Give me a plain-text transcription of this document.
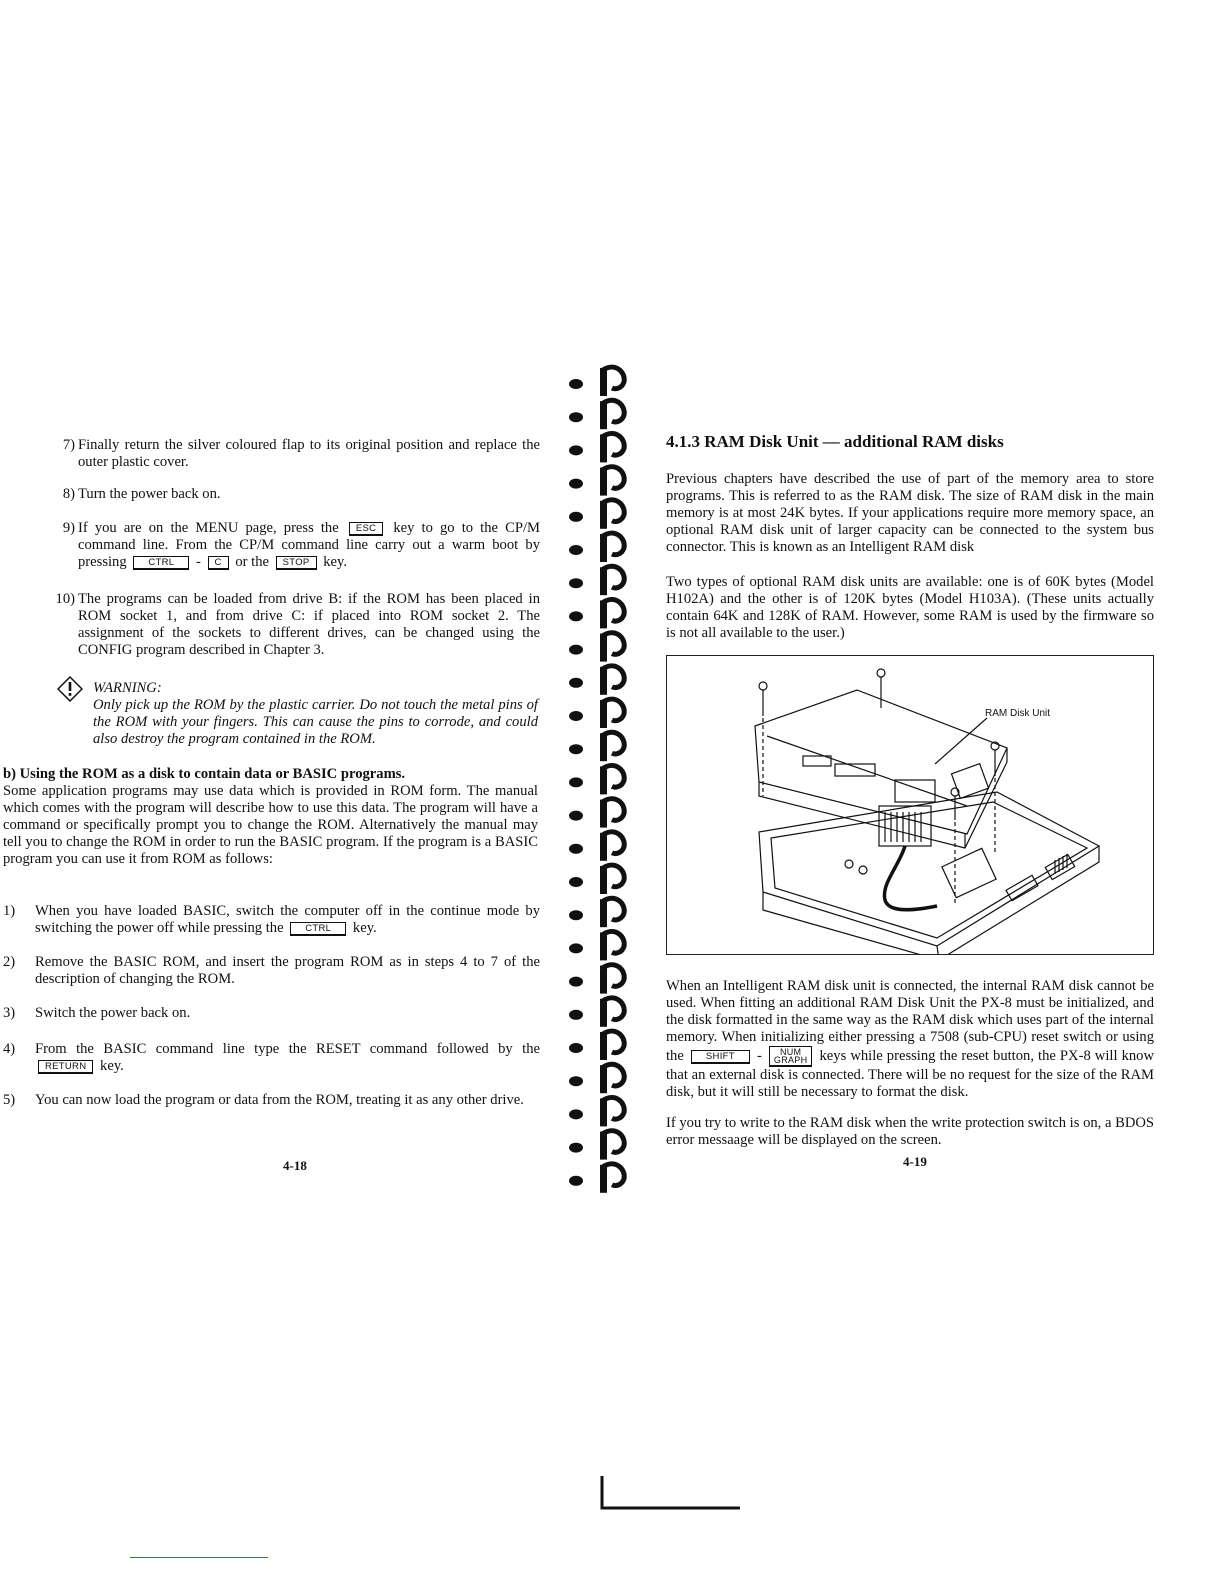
7) Finally return the silver coloured flap to its original position and replace the outer plastic cover.
8) Turn the power back on.
9) If you are on the MENU page, press the ESC key to go to the CP/M command line. From the CP/M command line carry out a warm boot by pressing CTRL - C or the STOP key.
10) The programs can be loaded from drive B: if the ROM has been placed in ROM socket 1, and from drive C: if placed into ROM socket 2. The assignment of the sockets to different drives, can be changed using the CONFIG program described in Chapter 3.
WARNING:
Only pick up the ROM by the plastic carrier. Do not touch the metal pins of the ROM with your fingers. This can cause the pins to corrode, and could also destroy the program contained in the ROM.
b) Using the ROM as a disk to contain data or BASIC programs.
Some application programs may use data which is provided in ROM form. The manual which comes with the program will describe how to use this data. The program will have a command or specifically prompt you to change the ROM. Alternatively the manual may tell you to change the ROM in order to run the BASIC program. If the program is a BASIC program you can use it from ROM as follows:
1)	When you have loaded BASIC, switch the computer off in the continue mode by switching the power off while pressing the CTRL key.
2)	Remove the BASIC ROM, and insert the program ROM as in steps 4 to 7 of the description of changing the ROM.
3)	Switch the power back on.
4)	From the BASIC command line type the RESET command followed by the RETURN key.
5)	You can now load the program or data from the ROM, treating it as any other drive.
4-18
4.1.3 RAM Disk Unit — additional RAM disks
Previous chapters have described the use of part of the memory area to store programs. This is referred to as the RAM disk. The size of RAM disk in the main memory is at most 24K bytes. If your applications require more memory space, an optional RAM disk unit of larger capacity can be connected to the system bus connector. This is known as an Intelligent RAM disk
Two types of optional RAM disk units are available: one is of 60K bytes (Model H102A) and the other is of 120K bytes (Model H103A). (These units actually contain 64K and 128K of RAM. However, some RAM is used by the firmware so is not all available to the user.)
When an Intelligent RAM disk unit is connected, the internal RAM disk cannot be used. When fitting an additional RAM Disk Unit the PX-8 must be initialized, and the disk formatted in the same way as the RAM disk which uses part of the internal memory. When initializing either pressing a 7508 (sub-CPU) reset switch or using the SHIFT -	NUM
GRAPH keys while pressing the reset button, the PX-8 will know that an external disk is connected. There will be no request for the size of the RAM disk, but it will still be necessary to format the disk.
If you try to write to the RAM disk when the write protection switch is on, a BDOS error messaage will be displayed on the screen.
4-19
RAM Disk Unit
